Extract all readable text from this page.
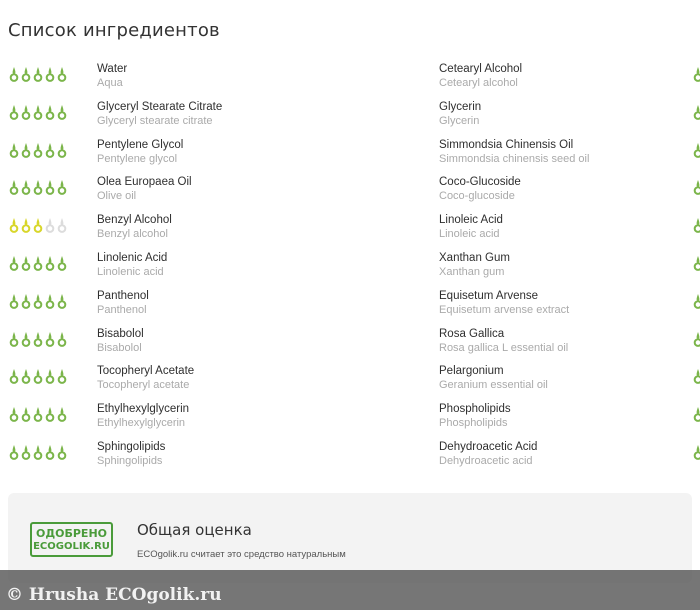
Список ингредиентов
Water
Aqua
Cetearyl Alcohol
Cetearyl alcohol
Glyceryl Stearate Citrate
Glyceryl stearate citrate
Glycerin
Glycerin
Pentylene Glycol
Pentylene glycol
Simmondsia Chinensis Oil
Simmondsia chinensis seed oil
Olea Europaea Oil
Olive oil
Coco-Glucoside
Coco-glucoside
Benzyl Alcohol
Benzyl alcohol
Linoleic Acid
Linoleic acid
Linolenic Acid
Linolenic acid
Xanthan Gum
Xanthan gum
Panthenol
Panthenol
Equisetum Arvense
Equisetum arvense extract
Bisabolol
Bisabolol
Rosa Gallica
Rosa gallica L essential oil
Tocopheryl Acetate
Tocopheryl acetate
Pelargonium
Geranium essential oil
Ethylhexylglycerin
Ethylhexylglycerin
Phospholipids
Phospholipids
Sphingolipids
Sphingolipids
Dehydroacetic Acid
Dehydroacetic acid
ОДОБРЕНО
ECOGOLIK.RU
Общая оценка
ECOgolik.ru считает это средство натуральным
© Hrusha ECOgolik.ru
